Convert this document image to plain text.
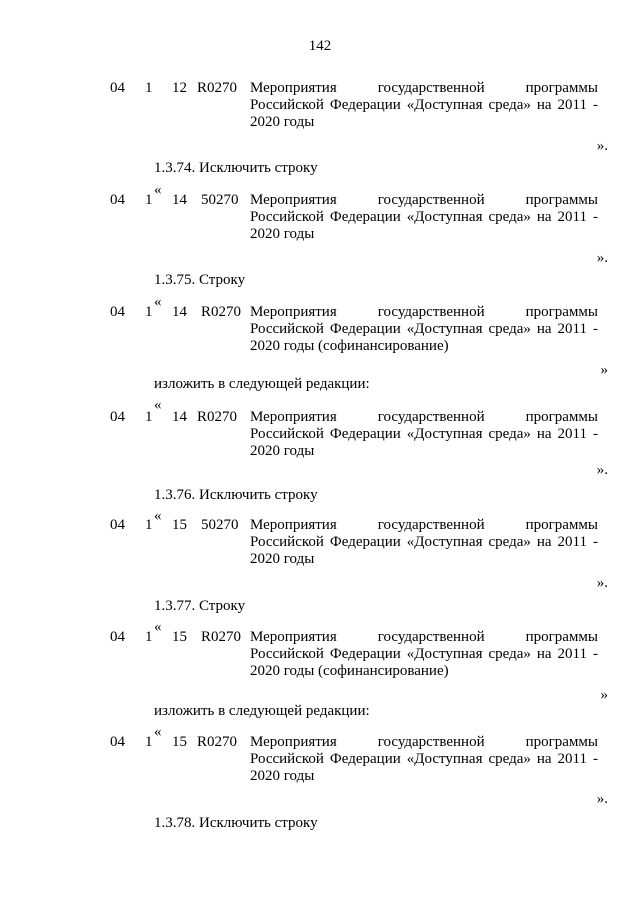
142
04 1 12 R0270 Мероприятия государственной программы
Российской Федерации «Доступная среда» на 2011 -
2020 годы
».
1.3.74. Исключить строку
«
04 1 14 50270 Мероприятия государственной программы
Российской Федерации «Доступная среда» на 2011 -
2020 годы
».
1.3.75. Строку
«
04 1 14 R0270 Мероприятия государственной программы
Российской Федерации «Доступная среда» на 2011 -
2020 годы (софинансирование)
»
изложить в следующей редакции:
«
04 1 14 R0270 Мероприятия государственной программы
Российской Федерации «Доступная среда» на 2011 -
2020 годы
».
1.3.76. Исключить строку
«
04 1 15 50270 Мероприятия государственной программы
Российской Федерации «Доступная среда» на 2011 -
2020 годы
».
1.3.77. Строку
«
04 1 15 R0270 Мероприятия государственной программы
Российской Федерации «Доступная среда» на 2011 -
2020 годы (софинансирование)
»
изложить в следующей редакции:
«
04 1 15 R0270 Мероприятия государственной программы
Российской Федерации «Доступная среда» на 2011 -
2020 годы
».
1.3.78. Исключить строку
